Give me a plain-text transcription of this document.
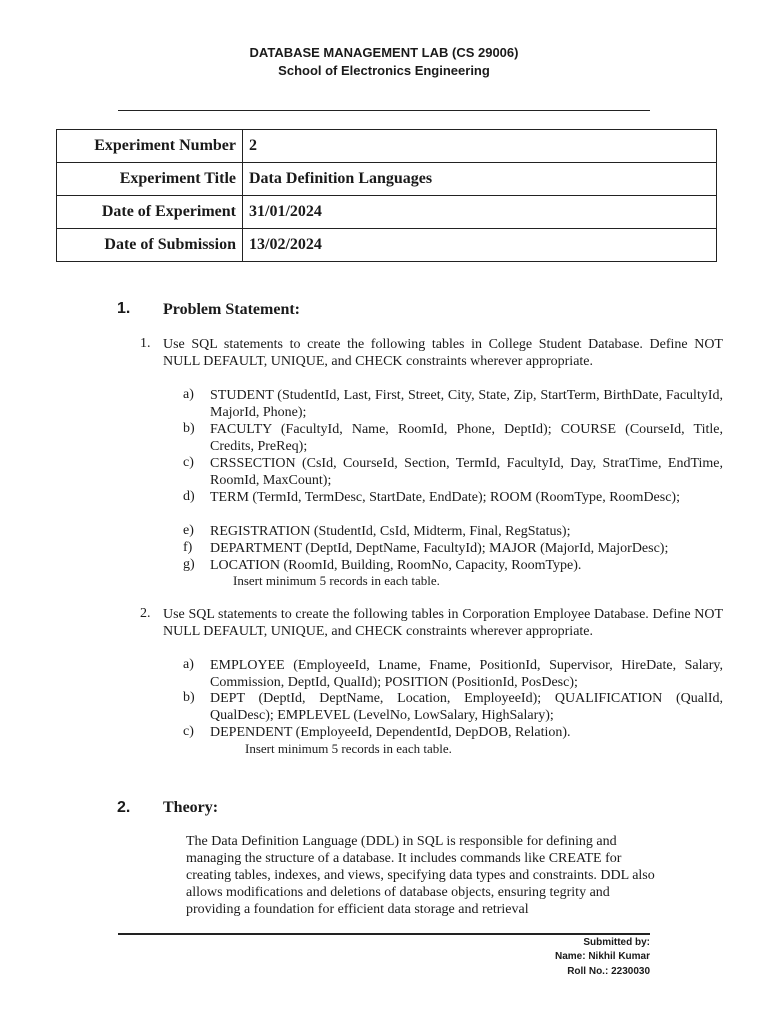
DATABASE MANAGEMENT LAB (CS 29006)
School of Electronics Engineering
Experiment Number	2
Experiment Title	Data Definition Languages
Date of Experiment	31/01/2024
Date of Submission	13/02/2024
1. Problem Statement:
1. Use SQL statements to create the following tables in College Student Database. Define NOT NULL DEFAULT, UNIQUE, and CHECK constraints wherever appropriate.
a) STUDENT (StudentId, Last, First, Street, City, State, Zip, StartTerm, BirthDate, FacultyId, MajorId, Phone);
b) FACULTY (FacultyId, Name, RoomId, Phone, DeptId); COURSE (CourseId, Title, Credits, PreReq);
c) CRSSECTION (CsId, CourseId, Section, TermId, FacultyId, Day, StratTime, EndTime, RoomId, MaxCount);
d) TERM (TermId, TermDesc, StartDate, EndDate); ROOM (RoomType, RoomDesc);
e) REGISTRATION (StudentId, CsId, Midterm, Final, RegStatus);
f) DEPARTMENT (DeptId, DeptName, FacultyId); MAJOR (MajorId, MajorDesc);
g) LOCATION (RoomId, Building, RoomNo, Capacity, RoomType).
Insert minimum 5 records in each table.
2. Use SQL statements to create the following tables in Corporation Employee Database. Define NOT NULL DEFAULT, UNIQUE, and CHECK constraints wherever appropriate.
a) EMPLOYEE (EmployeeId, Lname, Fname, PositionId, Supervisor, HireDate, Salary, Commission, DeptId, QualId); POSITION (PositionId, PosDesc);
b) DEPT (DeptId, DeptName, Location, EmployeeId); QUALIFICATION (QualId, QualDesc); EMPLEVEL (LevelNo, LowSalary, HighSalary);
c) DEPENDENT (EmployeeId, DependentId, DepDOB, Relation).
Insert minimum 5 records in each table.
2. Theory:
The Data Definition Language (DDL) in SQL is responsible for defining and
managing the structure of a database. It includes commands like CREATE for
creating tables, indexes, and views, specifying data types and constraints. DDL also
allows modifications and deletions of database objects, ensuring tegrity and
providing a foundation for efficient data storage and retrieval
Submitted by:
Name: Nikhil Kumar
Roll No.: 2230030
